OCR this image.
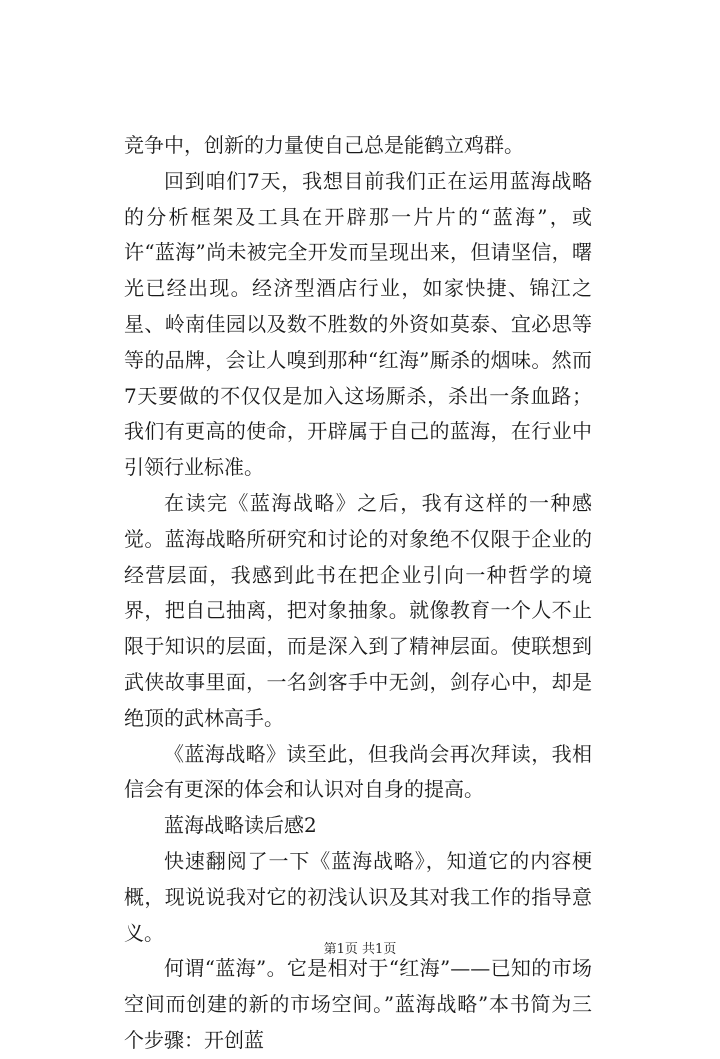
竞争中，创新的力量使自己总是能鹤立鸡群。

回到咱们7天，我想目前我们正在运用蓝海战略的分析框架及工具在开辟那一片片的“蓝海”，或许“蓝海”尚未被完全开发而呈现出来，但请坚信，曙光已经出现。经济型酒店行业，如家快捷、锦江之星、岭南佳园以及数不胜数的外资如莫泰、宜必思等等的品牌，会让人嗅到那种“红海”厮杀的烟味。然而7天要做的不仅仅是加入这场厮杀，杀出一条血路；我们有更高的使命，开辟属于自己的蓝海，在行业中引领行业标准。

在读完《蓝海战略》之后，我有这样的一种感觉。蓝海战略所研究和讨论的对象绝不仅限于企业的经营层面，我感到此书在把企业引向一种哲学的境界，把自己抽离，把对象抽象。就像教育一个人不止限于知识的层面，而是深入到了精神层面。使联想到武侠故事里面，一名剑客手中无剑，剑存心中，却是绝顶的武林高手。

《蓝海战略》读至此，但我尚会再次拜读，我相信会有更深的体会和认识对自身的提高。

蓝海战略读后感2

快速翻阅了一下《蓝海战略》，知道它的内容梗概，现说说我对它的初浅认识及其对我工作的指导意义。

何谓“蓝海”。它是相对于“红海”——已知的市场空间而创建的新的市场空间。”蓝海战略”本书简为三个步骤：开创蓝

第1页 共1页
